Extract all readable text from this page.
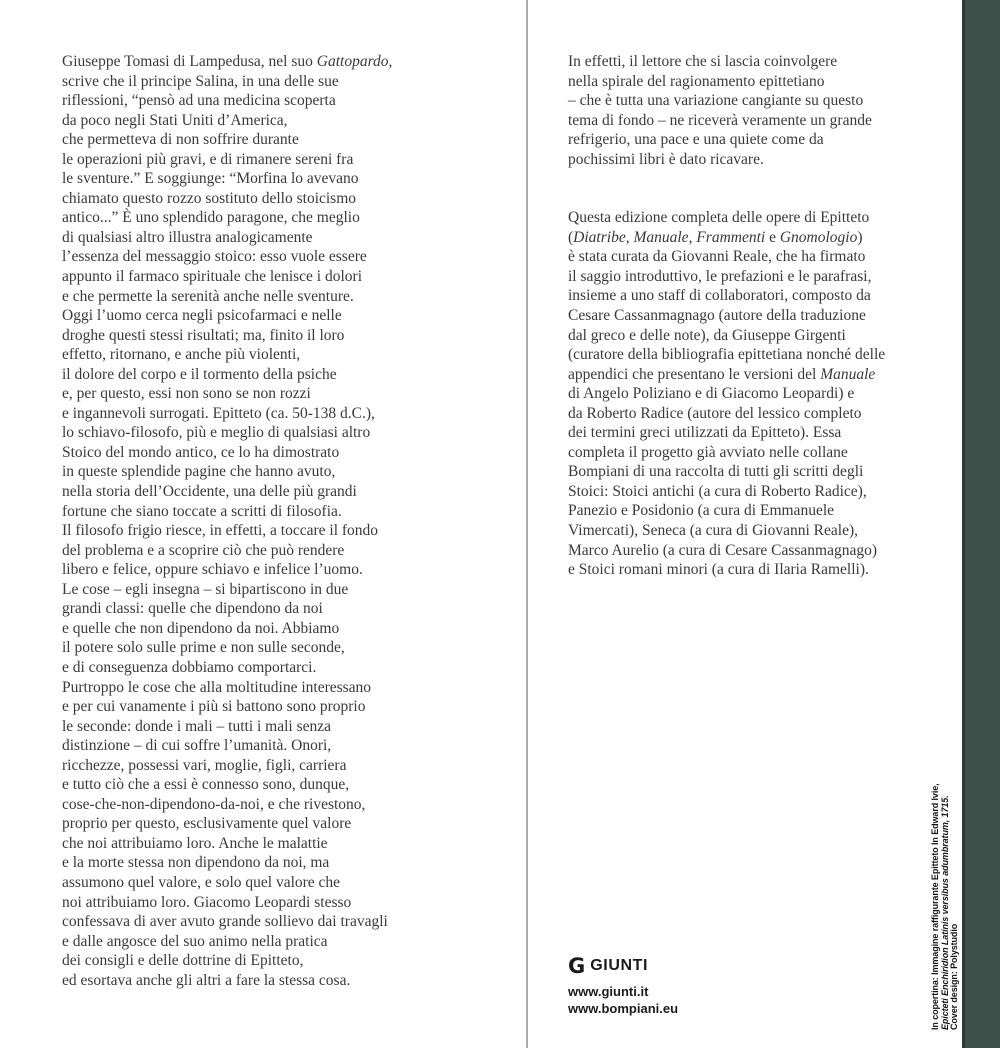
Giuseppe Tomasi di Lampedusa, nel suo Gattopardo,
scrive che il principe Salina, in una delle sue
riflessioni, “pensò ad una medicina scoperta
da poco negli Stati Uniti d’America,
che permetteva di non soffrire durante
le operazioni più gravi, e di rimanere sereni fra
le sventure.” E soggiunge: “Morfina lo avevano
chiamato questo rozzo sostituto dello stoicismo
antico...” È uno splendido paragone, che meglio
di qualsiasi altro illustra analogicamente
l’essenza del messaggio stoico: esso vuole essere
appunto il farmaco spirituale che lenisce i dolori
e che permette la serenità anche nelle sventure.
Oggi l’uomo cerca negli psicofarmaci e nelle
droghe questi stessi risultati; ma, finito il loro
effetto, ritornano, e anche più violenti,
il dolore del corpo e il tormento della psiche
e, per questo, essi non sono se non rozzi
e ingannevoli surrogati. Epitteto (ca. 50-138 d.C.),
lo schiavo-filosofo, più e meglio di qualsiasi altro
Stoico del mondo antico, ce lo ha dimostrato
in queste splendide pagine che hanno avuto,
nella storia dell’Occidente, una delle più grandi
fortune che siano toccate a scritti di filosofia.
Il filosofo frigio riesce, in effetti, a toccare il fondo
del problema e a scoprire ciò che può rendere
libero e felice, oppure schiavo e infelice l’uomo.
Le cose – egli insegna – si bipartiscono in due
grandi classi: quelle che dipendono da noi
e quelle che non dipendono da noi. Abbiamo
il potere solo sulle prime e non sulle seconde,
e di conseguenza dobbiamo comportarci.
Purtroppo le cose che alla moltitudine interessano
e per cui vanamente i più si battono sono proprio
le seconde: donde i mali – tutti i mali senza
distinzione – di cui soffre l’umanità. Onori,
ricchezze, possessi vari, moglie, figli, carriera
e tutto ciò che a essi è connesso sono, dunque,
cose-che-non-dipendono-da-noi, e che rivestono,
proprio per questo, esclusivamente quel valore
che noi attribuiamo loro. Anche le malattie
e la morte stessa non dipendono da noi, ma
assumono quel valore, e solo quel valore che
noi attribuiamo loro. Giacomo Leopardi stesso
confessava di aver avuto grande sollievo dai travagli
e dalle angosce del suo animo nella pratica
dei consigli e delle dottrine di Epitteto,
ed esortava anche gli altri a fare la stessa cosa.
In effetti, il lettore che si lascia coinvolgere
nella spirale del ragionamento epittetiano
– che è tutta una variazione cangiante su questo
tema di fondo – ne riceverà veramente un grande
refrigerio, una pace e una quiete come da
pochissimi libri è dato ricavare.
Questa edizione completa delle opere di Epitteto
(Diatribe, Manuale, Frammenti e Gnomologio)
è stata curata da Giovanni Reale, che ha firmato
il saggio introduttivo, le prefazioni e le parafrasi,
insieme a uno staff di collaboratori, composto da
Cesare Cassanmagnago (autore della traduzione
dal greco e delle note), da Giuseppe Girgenti
(curatore della bibliografia epittetiana nonché delle
appendici che presentano le versioni del Manuale
di Angelo Poliziano e di Giacomo Leopardi) e
da Roberto Radice (autore del lessico completo
dei termini greci utilizzati da Epitteto). Essa
completa il progetto già avviato nelle collane
Bompiani di una raccolta di tutti gli scritti degli
Stoici: Stoici antichi (a cura di Roberto Radice),
Panezio e Posidonio (a cura di Emmanuele
Vimercati), Seneca (a cura di Giovanni Reale),
Marco Aurelio (a cura di Cesare Cassanmagnago)
e Stoici romani minori (a cura di Ilaria Ramelli).
G GIUNTI
www.giunti.it
www.bompiani.eu	In copertina: Immagine raffigurante Epitteto In Edward Ivie, Epicteti Enchiridion Latinis versibus adumbratum, 1715. Cover design: Polystudio
